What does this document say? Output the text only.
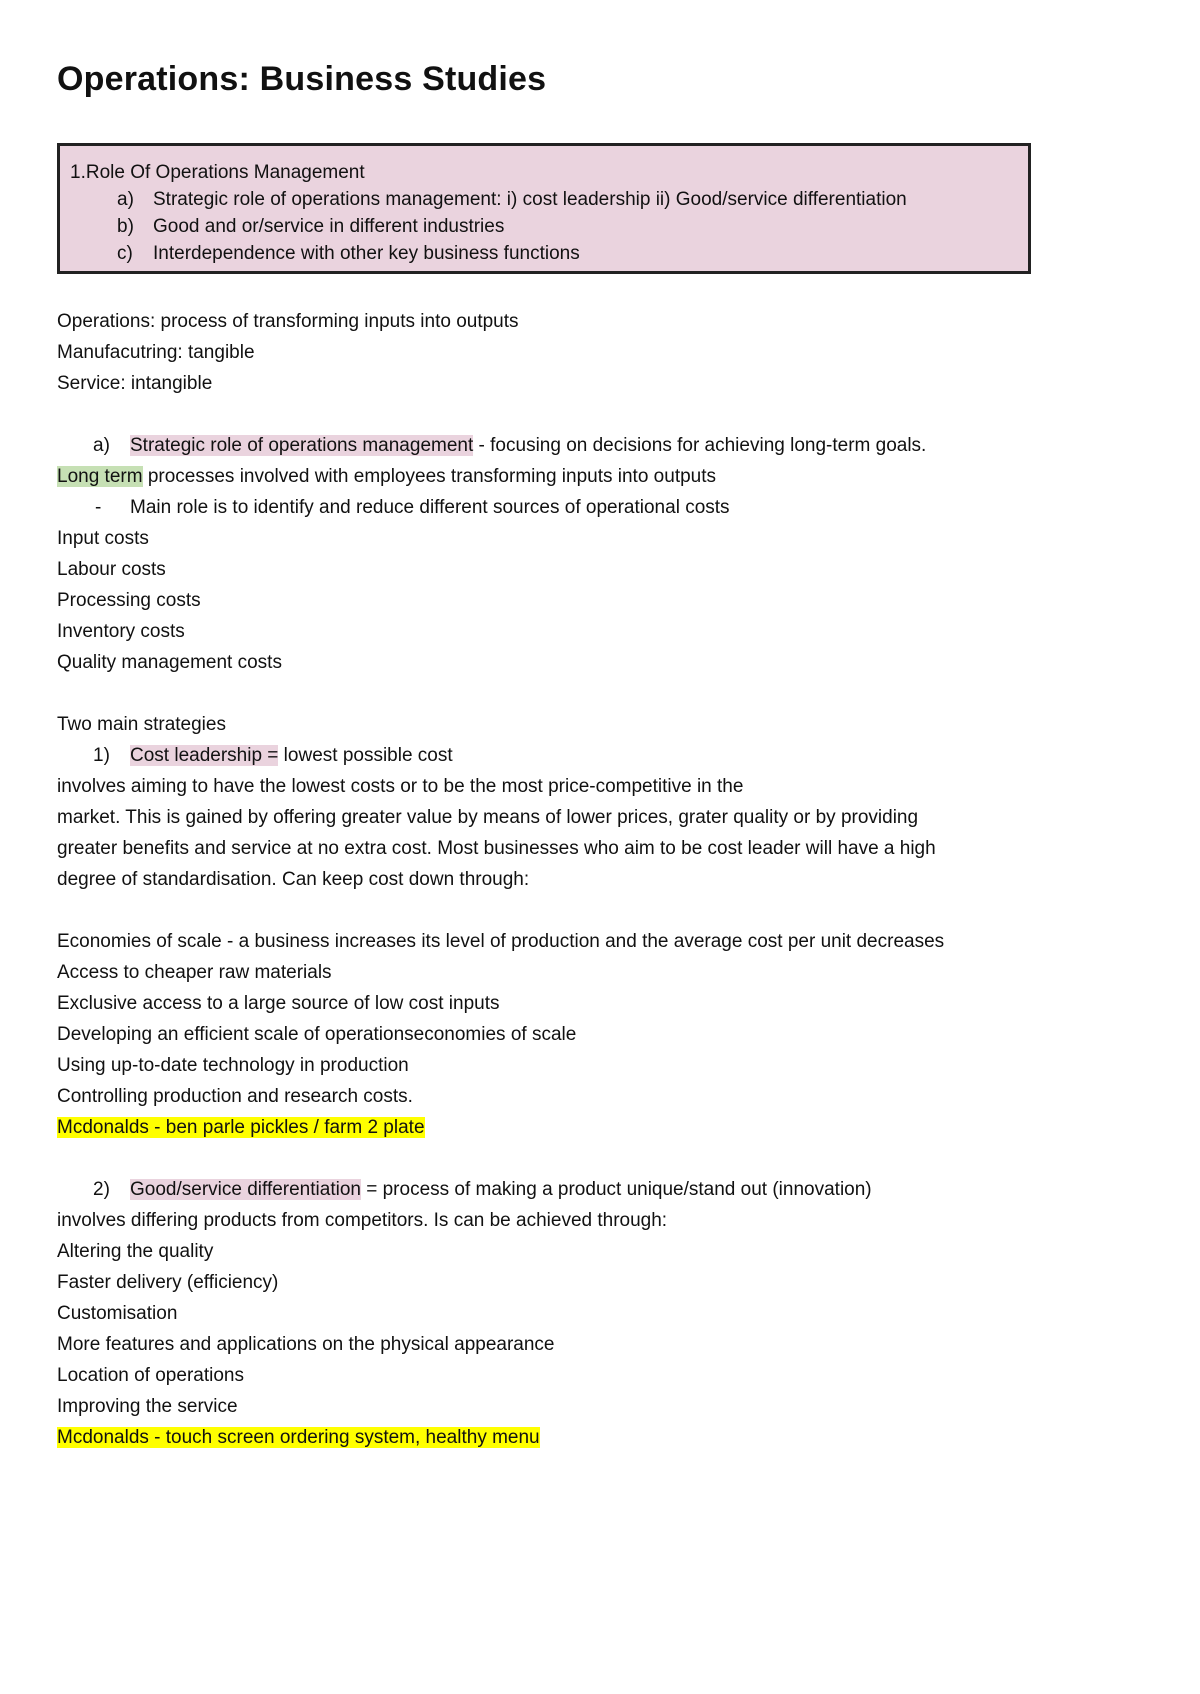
Operations: Business Studies
1.Role Of Operations Management
a) Strategic role of operations management: i) cost leadership ii) Good/service differentiation
b) Good and or/service in different industries
c) Interdependence with other key business functions
Operations: process of transforming inputs into outputs
Manufacutring: tangible
Service: intangible
a) Strategic role of operations management - focusing on decisions for achieving long-term goals.
Long term processes involved with employees transforming inputs into outputs
- Main role is to identify and reduce different sources of operational costs
Input costs
Labour costs
Processing costs
Inventory costs
Quality management costs
Two main strategies
1) Cost leadership = lowest possible cost
involves aiming to have the lowest costs or to be the most price-competitive in the
market. This is gained by offering greater value by means of lower prices, grater quality or by providing
greater benefits and service at no extra cost. Most businesses who aim to be cost leader will have a high
degree of standardisation. Can keep cost down through:
Economies of scale - a business increases its level of production and the average cost per unit decreases
Access to cheaper raw materials
Exclusive access to a large source of low cost inputs
Developing an efficient scale of operationseconomies of scale
Using up-to-date technology in production
Controlling production and research costs.
Mcdonalds - ben parle pickles / farm 2 plate
2) Good/service differentiation = process of making a product unique/stand out (innovation)
involves differing products from competitors. Is can be achieved through:
Altering the quality
Faster delivery (efficiency)
Customisation
More features and applications on the physical appearance
Location of operations
Improving the service
Mcdonalds - touch screen ordering system, healthy menu
